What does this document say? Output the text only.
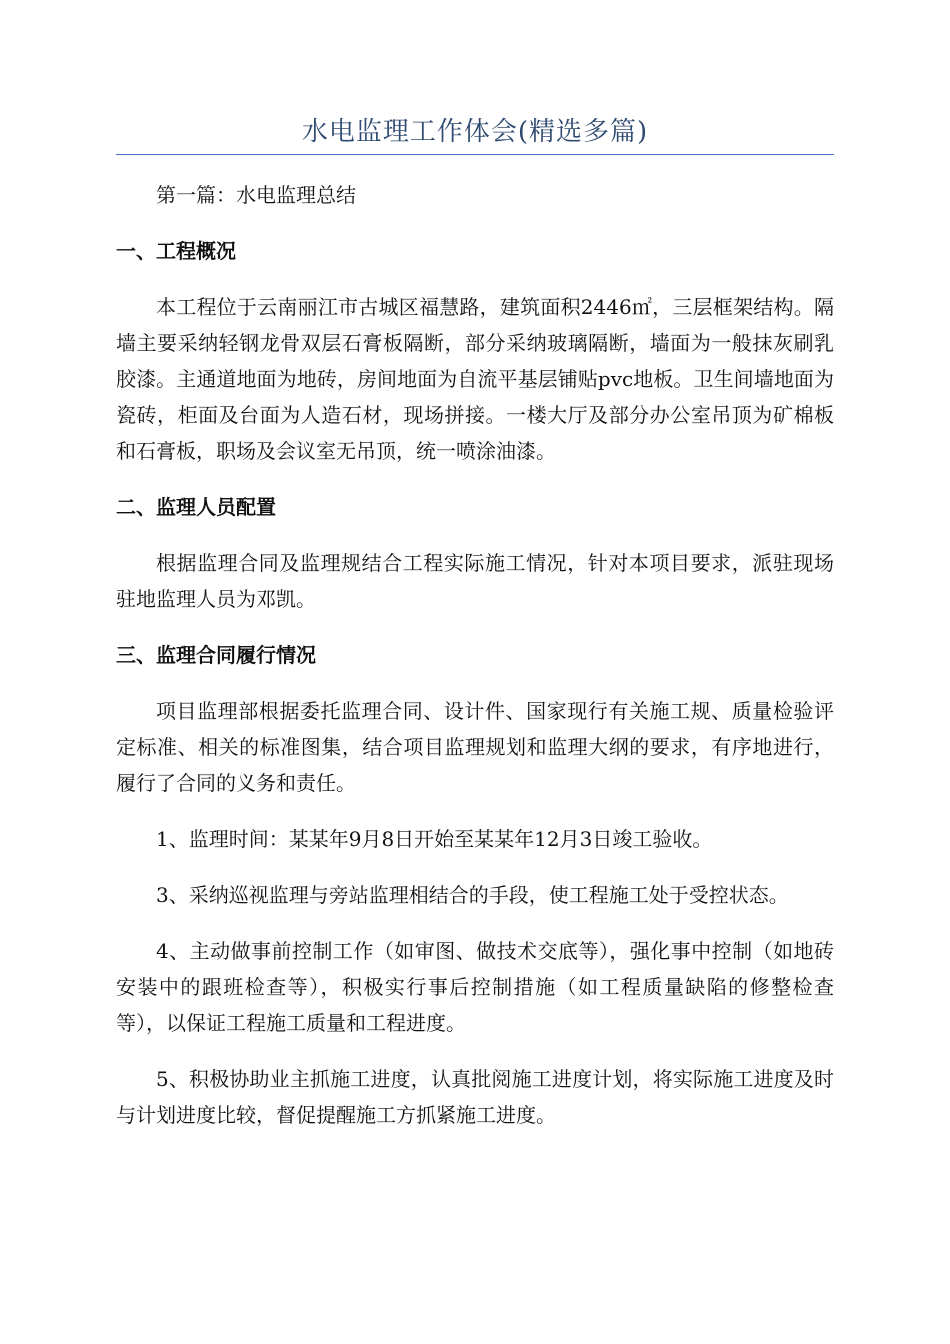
水电监理工作体会(精选多篇)

第一篇：水电监理总结

一、工程概况

本工程位于云南丽江市古城区福慧路，建筑面积2446㎡，三层框架结构。隔墙主要采纳轻钢龙骨双层石膏板隔断，部分采纳玻璃隔断，墙面为一般抹灰刷乳胶漆。主通道地面为地砖，房间地面为自流平基层铺贴pvc地板。卫生间墙地面为瓷砖，柜面及台面为人造石材，现场拼接。一楼大厅及部分办公室吊顶为矿棉板和石膏板，职场及会议室无吊顶，统一喷涂油漆。

二、监理人员配置

根据监理合同及监理规结合工程实际施工情况，针对本项目要求，派驻现场驻地监理人员为邓凯。

三、监理合同履行情况

项目监理部根据委托监理合同、设计件、国家现行有关施工规、质量检验评定标准、相关的标准图集，结合项目监理规划和监理大纲的要求，有序地进行，履行了合同的义务和责任。

1、监理时间：某某年9月8日开始至某某年12月3日竣工验收。

3、采纳巡视监理与旁站监理相结合的手段，使工程施工处于受控状态。

4、主动做事前控制工作（如审图、做技术交底等），强化事中控制（如地砖安装中的跟班检查等），积极实行事后控制措施（如工程质量缺陷的修整检查等），以保证工程施工质量和工程进度。

5、积极协助业主抓施工进度，认真批阅施工进度计划，将实际施工进度及时与计划进度比较，督促提醒施工方抓紧施工进度。
